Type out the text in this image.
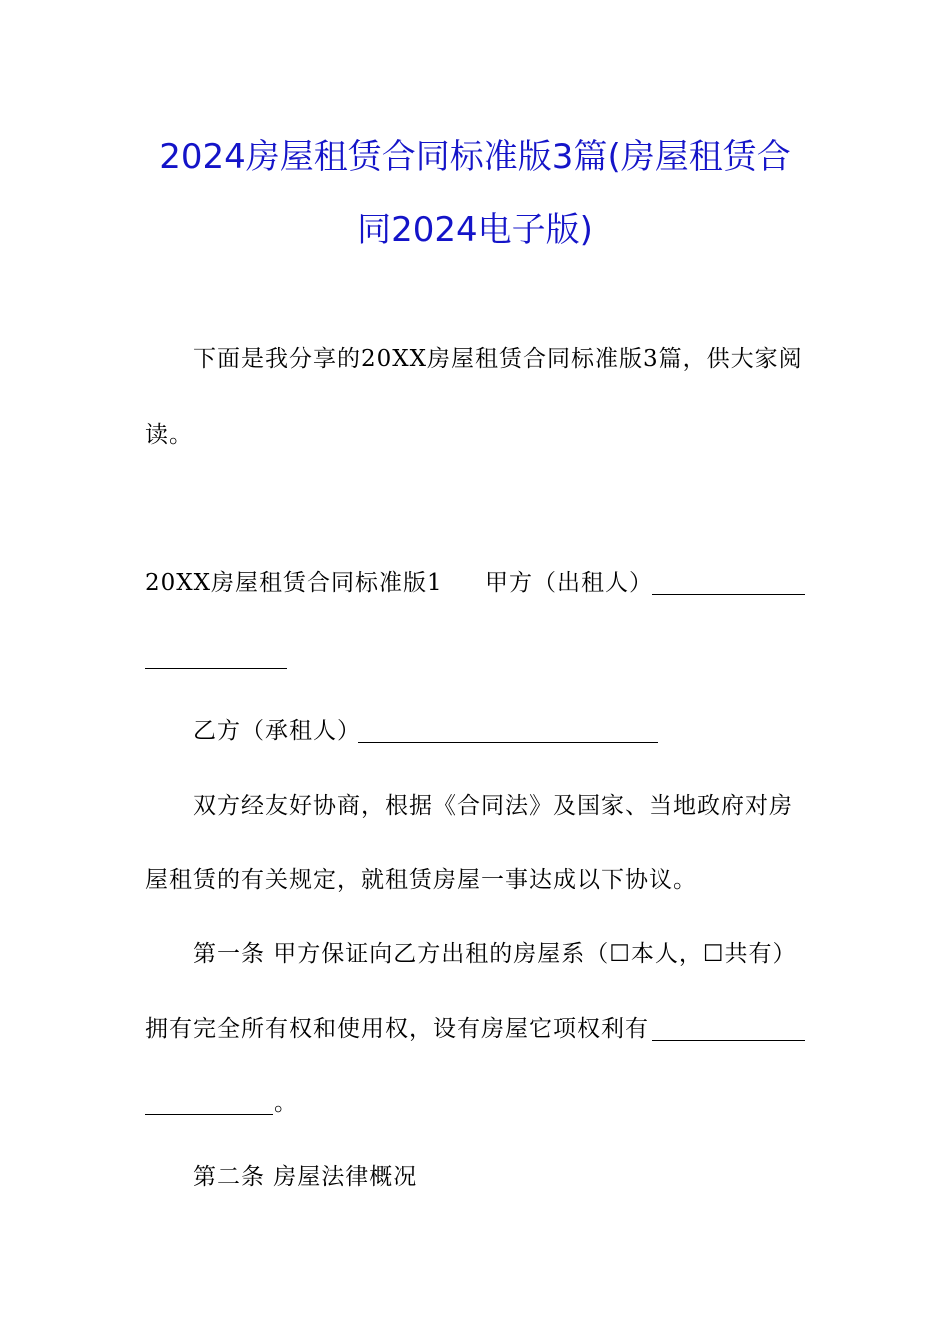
2024房屋租赁合同标准版3篇(房屋租赁合
同2024电子版)
下面是我分享的20XX房屋租赁合同标准版3篇，供大家阅
读。
20XX房屋租赁合同标准版1 甲方（出租人）
乙方（承租人）
双方经友好协商，根据《合同法》及国家、当地政府对房
屋租赁的有关规定，就租赁房屋一事达成以下协议。
第一条 甲方保证向乙方出租的房屋系（☐本人，☐共有）
拥有完全所有权和使用权，设有房屋它项权利有
。
第二条 房屋法律概况
